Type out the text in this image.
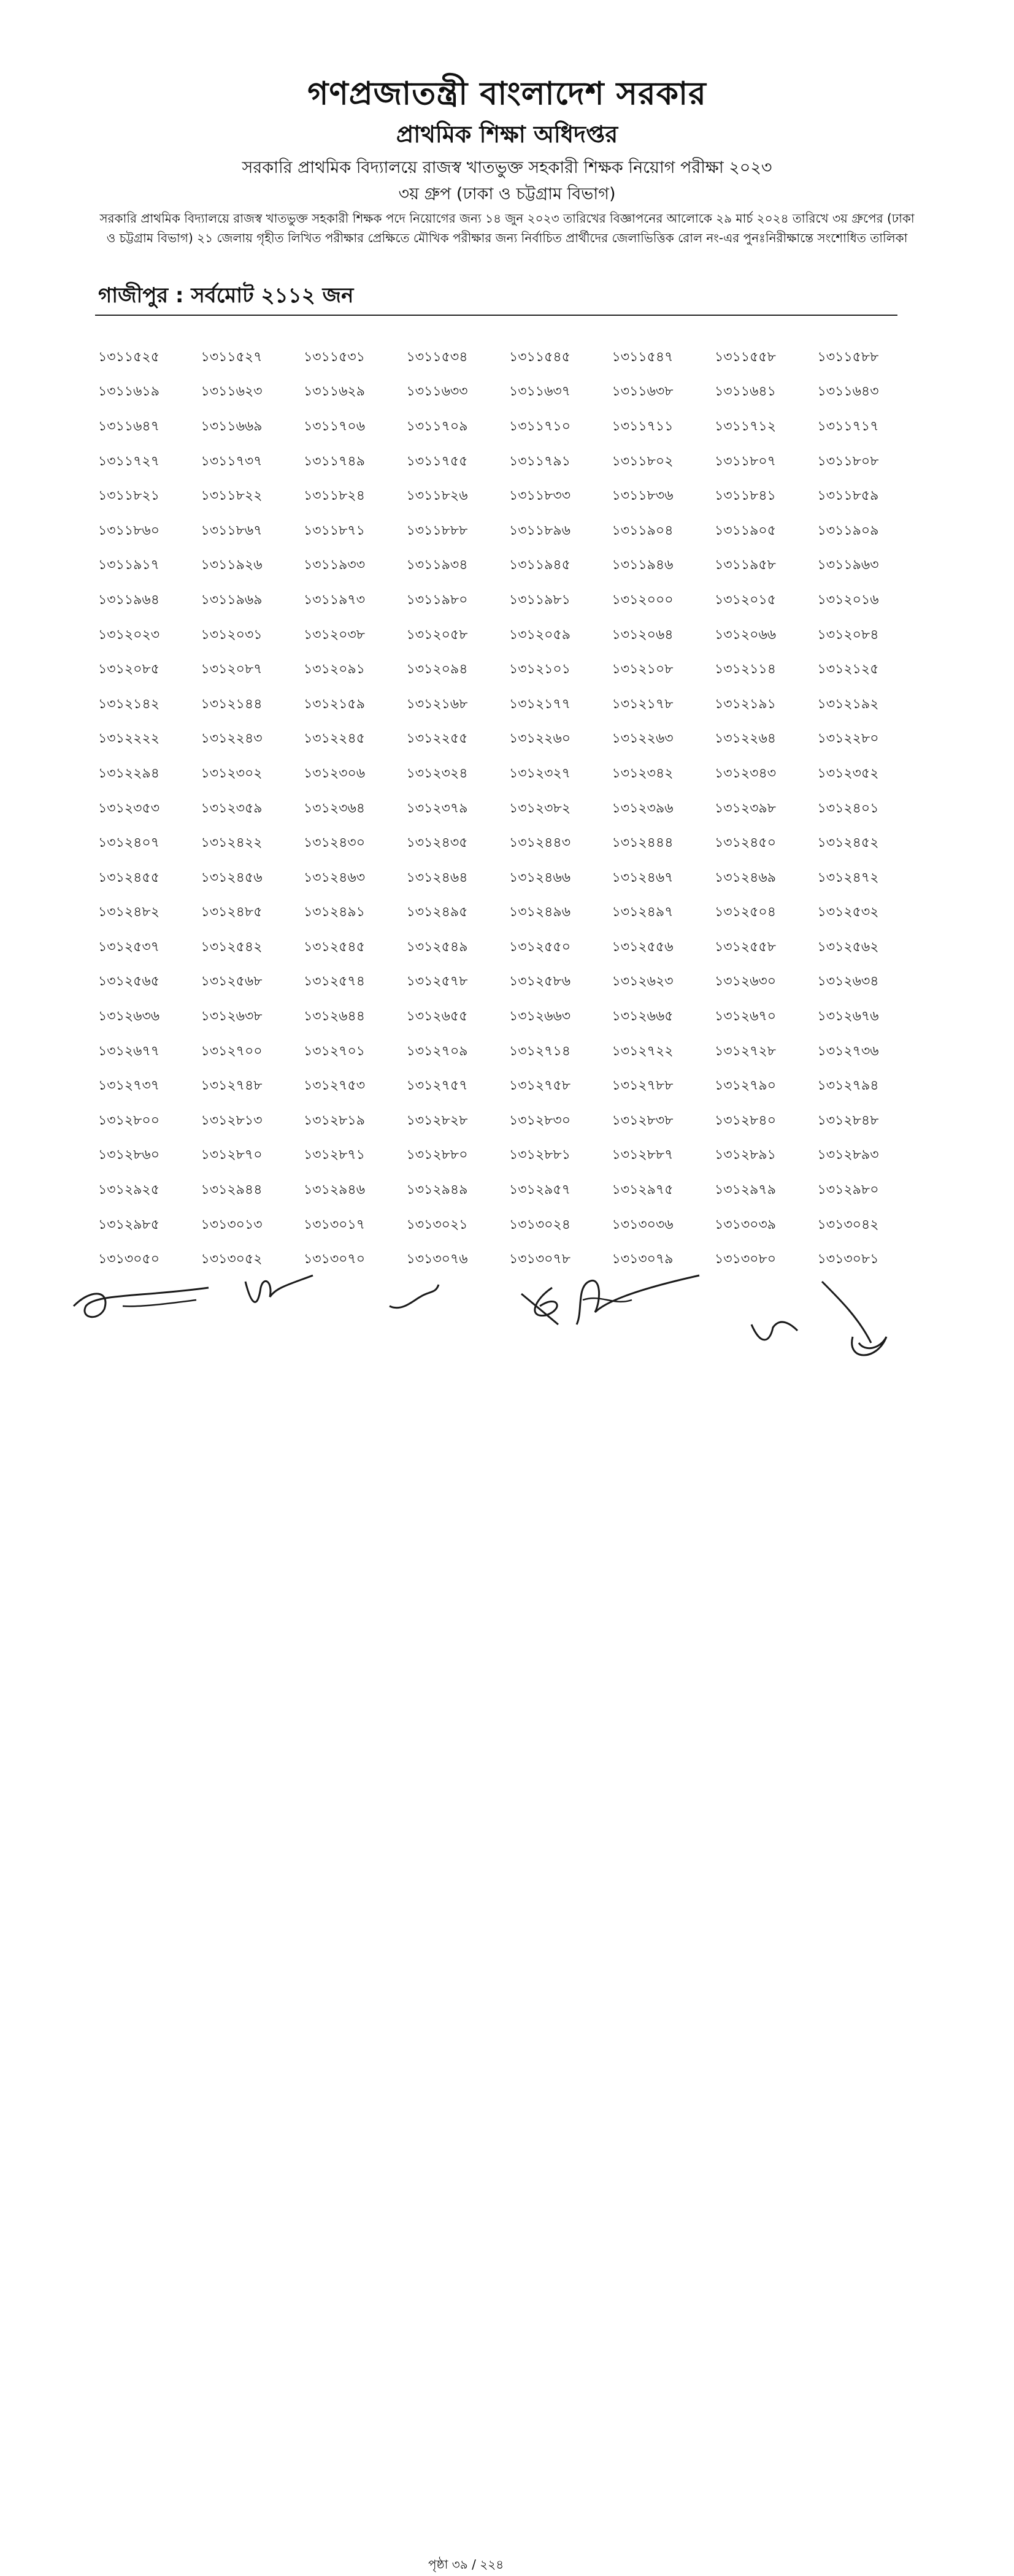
গণপ্রজাতন্ত্রী বাংলাদেশ সরকার
প্রাথমিক শিক্ষা অধিদপ্তর
সরকারি প্রাথমিক বিদ্যালয়ে রাজস্ব খাতভুক্ত সহকারী শিক্ষক নিয়োগ পরীক্ষা ২০২৩
৩য় গ্রুপ (ঢাকা ও চট্টগ্রাম বিভাগ)
সরকারি প্রাথমিক বিদ্যালয়ে রাজস্ব খাতভুক্ত সহকারী শিক্ষক পদে নিয়োগের জন্য ১৪ জুন ২০২৩ তারিখের বিজ্ঞাপনের আলোকে ২৯ মার্চ ২০২৪ তারিখে ৩য় গ্রুপের (ঢাকা ও চট্টগ্রাম বিভাগ) ২১ জেলায় গৃহীত লিখিত পরীক্ষার প্রেক্ষিতে মৌখিক পরীক্ষার জন্য নির্বাচিত প্রার্থীদের জেলাভিত্তিক রোল নং-এর পুনঃনিরীক্ষান্তে সংশোধিত তালিকা
গাজীপুর : সর্বমোট ২১১২ জন
১৩১১৫২৫	১৩১১৫২৭	১৩১১৫৩১	১৩১১৫৩৪	১৩১১৫৪৫	১৩১১৫৪৭	১৩১১৫৫৮	১৩১১৫৮৮
১৩১১৬১৯	১৩১১৬২৩	১৩১১৬২৯	১৩১১৬৩৩	১৩১১৬৩৭	১৩১১৬৩৮	১৩১১৬৪১	১৩১১৬৪৩
১৩১১৬৪৭	১৩১১৬৬৯	১৩১১৭০৬	১৩১১৭০৯	১৩১১৭১০	১৩১১৭১১	১৩১১৭১২	১৩১১৭১৭
১৩১১৭২৭	১৩১১৭৩৭	১৩১১৭৪৯	১৩১১৭৫৫	১৩১১৭৯১	১৩১১৮০২	১৩১১৮০৭	১৩১১৮০৮
১৩১১৮২১	১৩১১৮২২	১৩১১৮২৪	১৩১১৮২৬	১৩১১৮৩৩	১৩১১৮৩৬	১৩১১৮৪১	১৩১১৮৫৯
১৩১১৮৬০	১৩১১৮৬৭	১৩১১৮৭১	১৩১১৮৮৮	১৩১১৮৯৬	১৩১১৯০৪	১৩১১৯০৫	১৩১১৯০৯
১৩১১৯১৭	১৩১১৯২৬	১৩১১৯৩৩	১৩১১৯৩৪	১৩১১৯৪৫	১৩১১৯৪৬	১৩১১৯৫৮	১৩১১৯৬৩
১৩১১৯৬৪	১৩১১৯৬৯	১৩১১৯৭৩	১৩১১৯৮০	১৩১১৯৮১	১৩১২০০০	১৩১২০১৫	১৩১২০১৬
১৩১২০২৩	১৩১২০৩১	১৩১২০৩৮	১৩১২০৫৮	১৩১২০৫৯	১৩১২০৬৪	১৩১২০৬৬	১৩১২০৮৪
১৩১২০৮৫	১৩১২০৮৭	১৩১২০৯১	১৩১২০৯৪	১৩১২১০১	১৩১২১০৮	১৩১২১১৪	১৩১২১২৫
১৩১২১৪২	১৩১২১৪৪	১৩১২১৫৯	১৩১২১৬৮	১৩১২১৭৭	১৩১২১৭৮	১৩১২১৯১	১৩১২১৯২
১৩১২২২২	১৩১২২৪৩	১৩১২২৪৫	১৩১২২৫৫	১৩১২২৬০	১৩১২২৬৩	১৩১২২৬৪	১৩১২২৮০
১৩১২২৯৪	১৩১২৩০২	১৩১২৩০৬	১৩১২৩২৪	১৩১২৩২৭	১৩১২৩৪২	১৩১২৩৪৩	১৩১২৩৫২
১৩১২৩৫৩	১৩১২৩৫৯	১৩১২৩৬৪	১৩১২৩৭৯	১৩১২৩৮২	১৩১২৩৯৬	১৩১২৩৯৮	১৩১২৪০১
১৩১২৪০৭	১৩১২৪২২	১৩১২৪৩০	১৩১২৪৩৫	১৩১২৪৪৩	১৩১২৪৪৪	১৩১২৪৫০	১৩১২৪৫২
১৩১২৪৫৫	১৩১২৪৫৬	১৩১২৪৬৩	১৩১২৪৬৪	১৩১২৪৬৬	১৩১২৪৬৭	১৩১২৪৬৯	১৩১২৪৭২
১৩১২৪৮২	১৩১২৪৮৫	১৩১২৪৯১	১৩১২৪৯৫	১৩১২৪৯৬	১৩১২৪৯৭	১৩১২৫০৪	১৩১২৫৩২
১৩১২৫৩৭	১৩১২৫৪২	১৩১২৫৪৫	১৩১২৫৪৯	১৩১২৫৫০	১৩১২৫৫৬	১৩১২৫৫৮	১৩১২৫৬২
১৩১২৫৬৫	১৩১২৫৬৮	১৩১২৫৭৪	১৩১২৫৭৮	১৩১২৫৮৬	১৩১২৬২৩	১৩১২৬৩০	১৩১২৬৩৪
১৩১২৬৩৬	১৩১২৬৩৮	১৩১২৬৪৪	১৩১২৬৫৫	১৩১২৬৬৩	১৩১২৬৬৫	১৩১২৬৭০	১৩১২৬৭৬
১৩১২৬৭৭	১৩১২৭০০	১৩১২৭০১	১৩১২৭০৯	১৩১২৭১৪	১৩১২৭২২	১৩১২৭২৮	১৩১২৭৩৬
১৩১২৭৩৭	১৩১২৭৪৮	১৩১২৭৫৩	১৩১২৭৫৭	১৩১২৭৫৮	১৩১২৭৮৮	১৩১২৭৯০	১৩১২৭৯৪
১৩১২৮০০	১৩১২৮১৩	১৩১২৮১৯	১৩১২৮২৮	১৩১২৮৩০	১৩১২৮৩৮	১৩১২৮৪০	১৩১২৮৪৮
১৩১২৮৬০	১৩১২৮৭০	১৩১২৮৭১	১৩১২৮৮০	১৩১২৮৮১	১৩১২৮৮৭	১৩১২৮৯১	১৩১২৮৯৩
১৩১২৯২৫	১৩১২৯৪৪	১৩১২৯৪৬	১৩১২৯৪৯	১৩১২৯৫৭	১৩১২৯৭৫	১৩১২৯৭৯	১৩১২৯৮০
১৩১২৯৮৫	১৩১৩০১৩	১৩১৩০১৭	১৩১৩০২১	১৩১৩০২৪	১৩১৩০৩৬	১৩১৩০৩৯	১৩১৩০৪২
১৩১৩০৫০	১৩১৩০৫২	১৩১৩০৭০	১৩১৩০৭৬	১৩১৩০৭৮	১৩১৩০৭৯	১৩১৩০৮০	১৩১৩০৮১
পৃষ্ঠা ৩৯ / ২২৪
